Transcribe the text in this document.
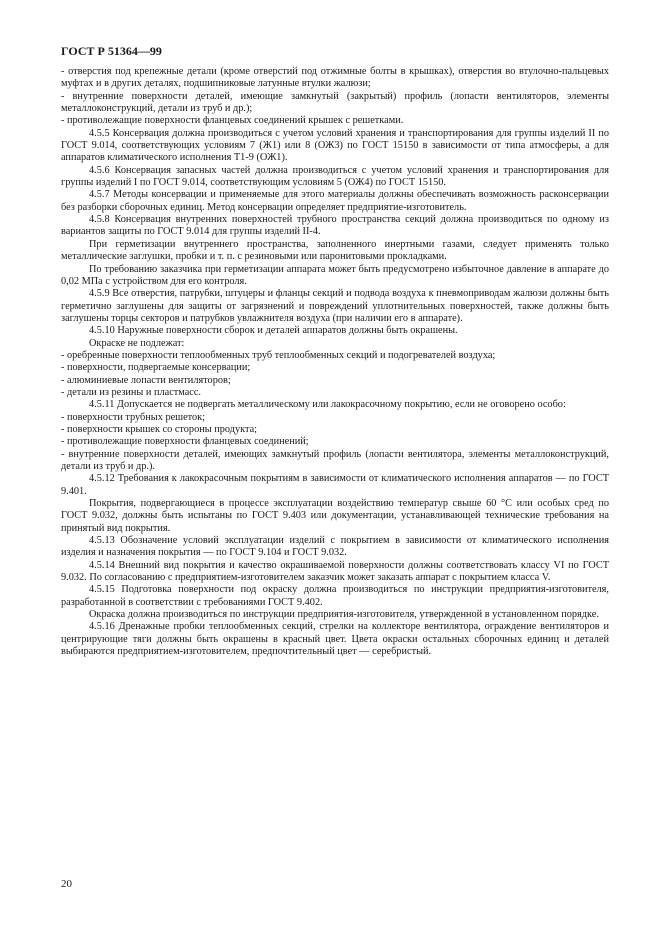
ГОСТ Р 51364—99

- отверстия под крепежные детали (кроме отверстий под отжимные болты в крышках), отверстия во втулочно-пальцевых муфтах и в других деталях, подшипниковые латунные втулки жалюзи;

- внутренние поверхности деталей, имеющие замкнутый (закрытый) профиль (лопасти вентиляторов, элементы металлоконструкций, детали из труб и др.);

- противолежащие поверхности фланцевых соединений крышек с решетками.

4.5.5 Консервация должна производиться с учетом условий хранения и транспортирования для группы изделий II по ГОСТ 9.014, соответствующих условиям 7 (Ж1) или 8 (ОЖ3) по ГОСТ 15150 в зависимости от типа атмосферы, а для аппаратов климатического исполнения Т1-9 (ОЖ1).

4.5.6 Консервация запасных частей должна производиться с учетом условий хранения и транспортирования для группы изделий I по ГОСТ 9.014, соответствующим условиям 5 (ОЖ4) по ГОСТ 15150.

4.5.7 Методы консервации и применяемые для этого материалы должны обеспечивать возможность расконсервации без разборки сборочных единиц. Метод консервации определяет предприятие-изготовитель.

4.5.8 Консервация внутренних поверхностей трубного пространства секций должна производиться по одному из вариантов защиты по ГОСТ 9.014 для группы изделий II-4.

При герметизации внутреннего пространства, заполненного инертными газами, следует применять только металлические заглушки, пробки и т. п. с резиновыми или паронитовыми прокладками.

По требованию заказчика при герметизации аппарата может быть предусмотрено избыточное давление в аппарате до 0,02 МПа с устройством для его контроля.

4.5.9 Все отверстия, патрубки, штуцеры и фланцы секций и подвода воздуха к пневмоприводам жалюзи должны быть герметично заглушены для защиты от загрязнений и повреждений уплотнительных поверхностей, также должны быть заглушены торцы секторов и патрубков увлажнителя воздуха (при наличии его в аппарате).

4.5.10 Наружные поверхности сборок и деталей аппаратов должны быть окрашены.

Окраске не подлежат:

- оребренные поверхности теплообменных труб теплообменных секций и подогревателей воздуха;

- поверхности, подвергаемые консервации;

- алюминиевые лопасти вентиляторов;

- детали из резины и пластмасс.

4.5.11 Допускается не подвергать металлическому или лакокрасочному покрытию, если не оговорено особо:

- поверхности трубных решеток;

- поверхности крышек со стороны продукта;

- противолежащие поверхности фланцевых соединений;

- внутренние поверхности деталей, имеющих замкнутый профиль (лопасти вентилятора, элементы металлоконструкций, детали из труб и др.).

4.5.12 Требования к лакокрасочным покрытиям в зависимости от климатического исполнения аппаратов — по ГОСТ 9.401.

Покрытия, подвергающиеся в процессе эксплуатации воздействию температур свыше 60 °С или особых сред по ГОСТ 9.032, должны быть испытаны по ГОСТ 9.403 или документации, устанавливающей технические требования на принятый вид покрытия.

4.5.13 Обозначение условий эксплуатации изделий с покрытием в зависимости от климатического исполнения изделия и назначения покрытия — по ГОСТ 9.104 и ГОСТ 9.032.

4.5.14 Внешний вид покрытия и качество окрашиваемой поверхности должны соответствовать классу VI по ГОСТ 9.032. По согласованию с предприятием-изготовителем заказчик может заказать аппарат с покрытием класса V.

4.5.15 Подготовка поверхности под окраску должна производиться по инструкции предприятия-изготовителя, разработанной в соответствии с требованиями ГОСТ 9.402.

Окраска должна производиться по инструкции предприятия-изготовителя, утвержденной в установленном порядке.

4.5.16 Дренажные пробки теплообменных секций, стрелки на коллекторе вентилятора, ограждение вентиляторов и центрирующие тяги должны быть окрашены в красный цвет. Цвета окраски остальных сборочных единиц и деталей выбираются предприятием-изготовителем, предпочтительный цвет — серебристый.

20
